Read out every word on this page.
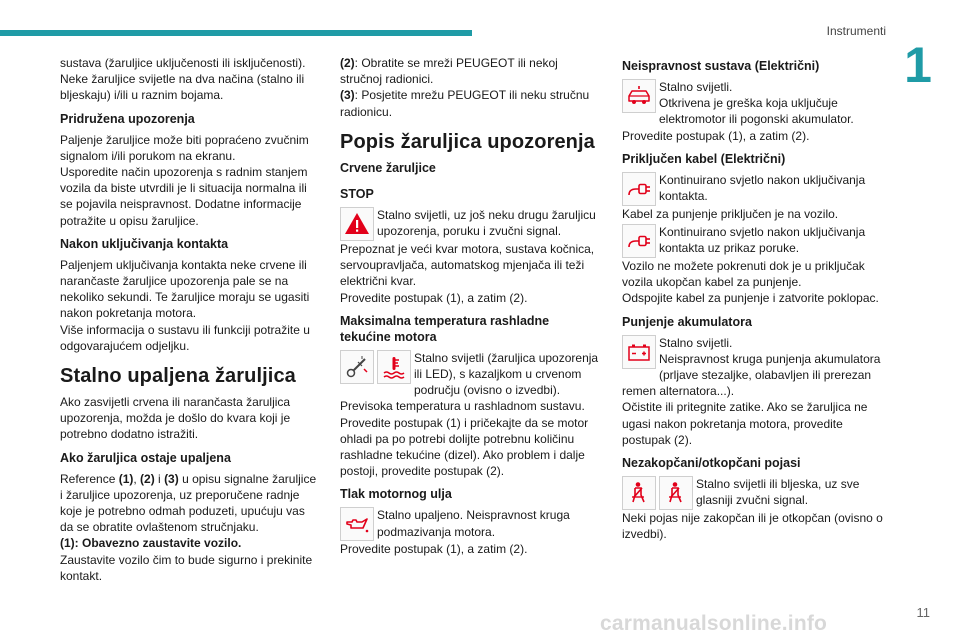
Instrumenti
1

sustava (žaruljice uključenosti ili isključenosti).

Neke žaruljice svijetle na dva načina (stalno ili bljeskaju) i/ili u raznim bojama.

Pridružena upozorenja

Paljenje žaruljice može biti popraćeno zvučnim signalom i/ili porukom na ekranu.

Usporedite način upozorenja s radnim stanjem vozila da biste utvrdili je li situacija normalna ili se pojavila neispravnost. Dodatne informacije potražite u opisu žaruljice.

Nakon uključivanja kontakta

Paljenjem uključivanja kontakta neke crvene ili narančaste žaruljice upozorenja pale se na nekoliko sekundi. Te žaruljice moraju se ugasiti nakon pokretanja motora.

Više informacija o sustavu ili funkciji potražite u odgovarajućem odjeljku.

Stalno upaljena žaruljica

Ako zasvijetli crvena ili narančasta žaruljica upozorenja, možda je došlo do kvara koji je potrebno dodatno istražiti.

Ako žaruljica ostaje upaljena

Reference (1), (2) i (3) u opisu signalne žaruljice i žaruljice upozorenja, uz preporučene radnje koje je potrebno odmah poduzeti, upućuju vas da se obratite ovlaštenom stručnjaku.

(1): Obavezno zaustavite vozilo.

Zaustavite vozilo čim to bude sigurno i prekinite kontakt.

(2): Obratite se mreži PEUGEOT ili nekoj stručnoj radionici.

(3): Posjetite mrežu PEUGEOT ili neku stručnu radionicu.

Popis žaruljica upozorenja
Crvene žaruljice
STOP

Stalno svijetli, uz još neku drugu žaruljicu upozorenja, poruku i zvučni signal.

Prepoznat je veći kvar motora, sustava kočnica, servoupravljača, automatskog mjenjača ili teži električni kvar.

Provedite postupak (1), a zatim (2).

Maksimalna temperatura rashladne tekućine motora

Stalno svijetli (žaruljica upozorenja ili LED), s kazaljkom u crvenom području (ovisno o izvedbi).

Previsoka temperatura u rashladnom sustavu.

Provedite postupak (1) i pričekajte da se motor ohladi pa po potrebi dolijte potrebnu količinu rashladne tekućine (dizel). Ako problem i dalje postoji, provedite postupak (2).

Tlak motornog ulja

Stalno upaljeno. Neispravnost kruga podmazivanja motora.

Provedite postupak (1), a zatim (2).

Neispravnost sustava (Električni)

Stalno svijetli.

Otkrivena je greška koja uključuje elektromotor ili pogonski akumulator.

Provedite postupak (1), a zatim (2).

Priključen kabel (Električni)

Kontinuirano svjetlo nakon uključivanja kontakta.

Kabel za punjenje priključen je na vozilo.

Kontinuirano svjetlo nakon uključivanja kontakta uz prikaz poruke.

Vozilo ne možete pokrenuti dok je u priključak vozila ukopčan kabel za punjenje.

Odspojite kabel za punjenje i zatvorite poklopac.

Punjenje akumulatora

Stalno svijetli.

Neispravnost kruga punjenja akumulatora (prljave stezaljke, olabavljen ili prerezan remen alternatora...).

Očistite ili pritegnite zatike. Ako se žaruljica ne ugasi nakon pokretanja motora, provedite postupak (2).

Nezakopčani/otkopčani pojasi

Stalno svijetli ili bljeska, uz sve glasniji zvučni signal.

Neki pojas nije zakopčan ili je otkopčan (ovisno o izvedbi).

carmanualsonline.info	11
